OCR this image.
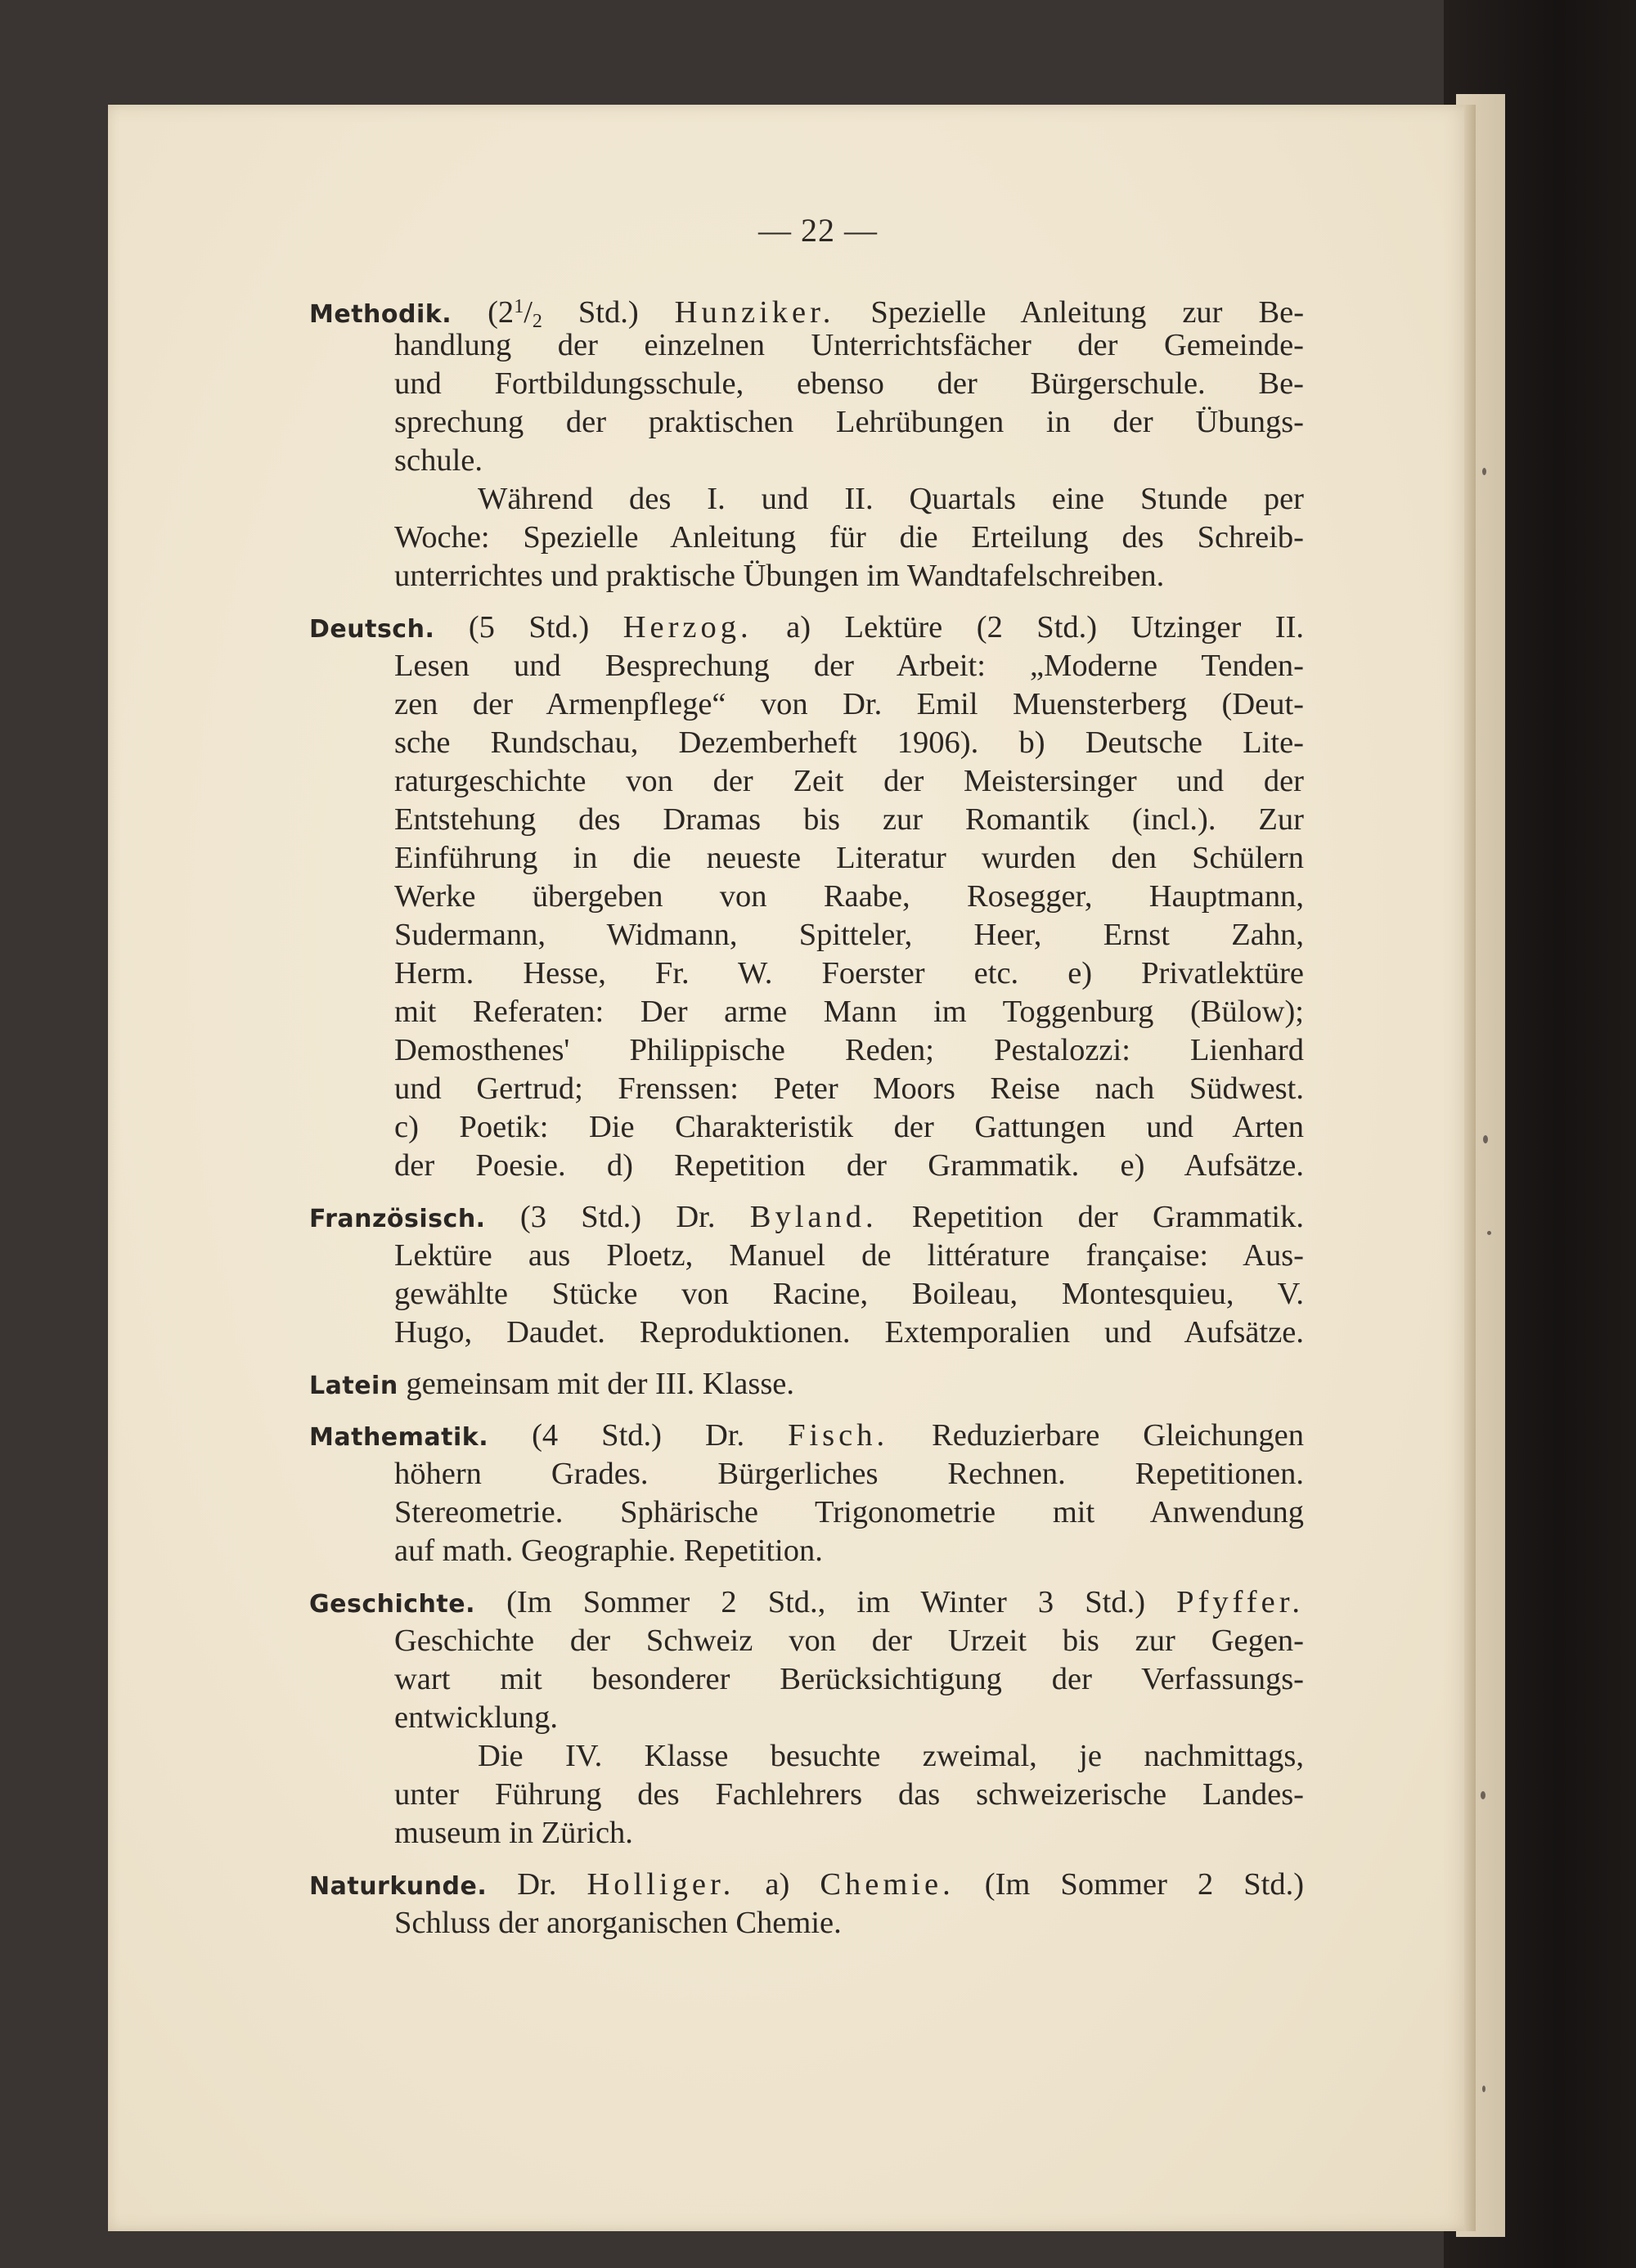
— 22 —
Methodik. ($2^1/_2$ Std.) Hunziker. Spezielle Anleitung zur Be-
handlung der einzelnen Unterrichtsfächer der Gemeinde-
und Fortbildungsschule, ebenso der Bürgerschule. Be-
sprechung der praktischen Lehrübungen in der Übungs-
schule.
Während des I. und II. Quartals eine Stunde per
Woche: Spezielle Anleitung für die Erteilung des Schreib-
unterrichtes und praktische Übungen im Wandtafelschreiben.
Deutsch. (5 Std.) Herzog. a) Lektüre (2 Std.) Utzinger II.
Lesen und Besprechung der Arbeit: „Moderne Tenden-
zen der Armenpflege“ von Dr. Emil Muensterberg (Deut-
sche Rundschau, Dezemberheft 1906). b) Deutsche Lite-
raturgeschichte von der Zeit der Meistersinger und der
Entstehung des Dramas bis zur Romantik (incl.). Zur
Einführung in die neueste Literatur wurden den Schülern
Werke übergeben von Raabe, Rosegger, Hauptmann,
Sudermann, Widmann, Spitteler, Heer, Ernst Zahn,
Herm. Hesse, Fr. W. Foerster etc. e) Privatlektüre
mit Referaten: Der arme Mann im Toggenburg (Bülow);
Demosthenes' Philippische Reden; Pestalozzi: Lienhard
und Gertrud; Frenssen: Peter Moors Reise nach Südwest.
c) Poetik: Die Charakteristik der Gattungen und Arten
der Poesie. d) Repetition der Grammatik. e) Aufsätze.
Französisch. (3 Std.) Dr. Byland. Repetition der Grammatik.
Lektüre aus Ploetz, Manuel de littérature française: Aus-
gewählte Stücke von Racine, Boileau, Montesquieu, V.
Hugo, Daudet. Reproduktionen. Extemporalien und Aufsätze.
Latein gemeinsam mit der III. Klasse.
Mathematik. (4 Std.) Dr. Fisch. Reduzierbare Gleichungen
höhern Grades. Bürgerliches Rechnen. Repetitionen.
Stereometrie. Sphärische Trigonometrie mit Anwendung
auf math. Geographie. Repetition.
Geschichte. (Im Sommer 2 Std., im Winter 3 Std.) Pfyffer.
Geschichte der Schweiz von der Urzeit bis zur Gegen-
wart mit besonderer Berücksichtigung der Verfassungs-
entwicklung.
Die IV. Klasse besuchte zweimal, je nachmittags,
unter Führung des Fachlehrers das schweizerische Landes-
museum in Zürich.
Naturkunde. Dr. Holliger. a) Chemie. (Im Sommer 2 Std.)
Schluss der anorganischen Chemie.
